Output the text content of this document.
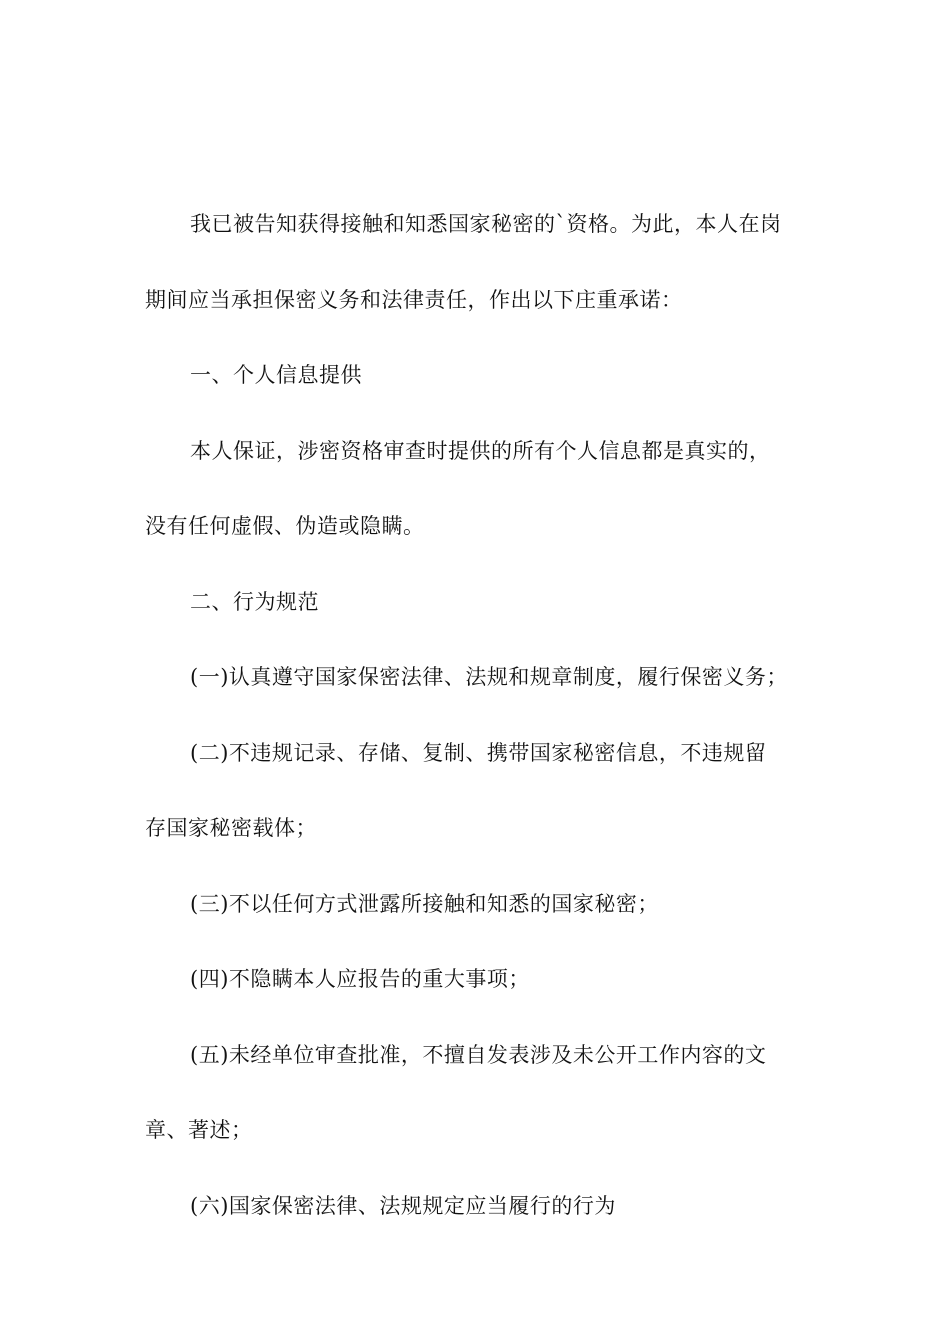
我已被告知获得接触和知悉国家秘密的`资格。为此，本人在岗
期间应当承担保密义务和法律责任，作出以下庄重承诺：
一、个人信息提供
本人保证，涉密资格审查时提供的所有个人信息都是真实的，
没有任何虚假、伪造或隐瞒。
二、行为规范
(一)认真遵守国家保密法律、法规和规章制度，履行保密义务；
(二)不违规记录、存储、复制、携带国家秘密信息，不违规留
存国家秘密载体；
(三)不以任何方式泄露所接触和知悉的国家秘密；
(四)不隐瞒本人应报告的重大事项；
(五)未经单位审查批准，不擅自发表涉及未公开工作内容的文
章、著述；
(六)国家保密法律、法规规定应当履行的行为
